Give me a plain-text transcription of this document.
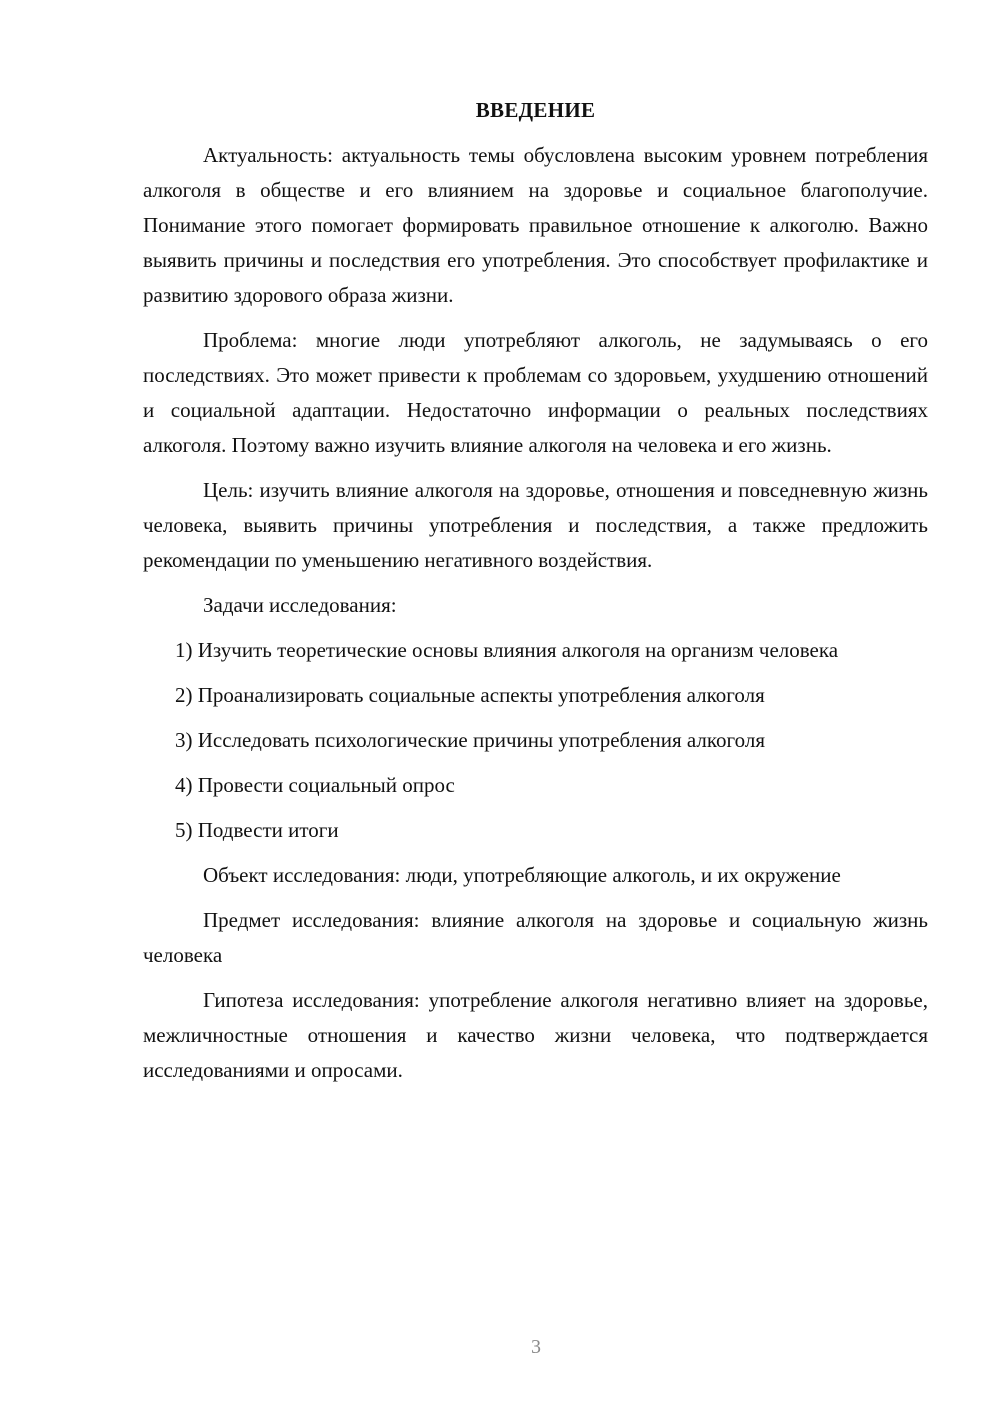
ВВЕДЕНИЕ

Актуальность: актуальность темы обусловлена высоким уровнем потребления алкоголя в обществе и его влиянием на здоровье и социальное благополучие. Понимание этого помогает формировать правильное отношение к алкоголю. Важно выявить причины и последствия его употребления. Это способствует профилактике и развитию здорового образа жизни.

Проблема: многие люди употребляют алкоголь, не задумываясь о его последствиях. Это может привести к проблемам со здоровьем, ухудшению отношений и социальной адаптации. Недостаточно информации о реальных последствиях алкоголя. Поэтому важно изучить влияние алкоголя на человека и его жизнь.

Цель: изучить влияние алкоголя на здоровье, отношения и повседневную жизнь человека, выявить причины употребления и последствия, а также предложить рекомендации по уменьшению негативного воздействия.

Задачи исследования:

1) Изучить теоретические основы влияния алкоголя на организм человека

2) Проанализировать социальные аспекты употребления алкоголя

3) Исследовать психологические причины употребления алкоголя

4) Провести социальный опрос

5) Подвести итоги

Объект исследования: люди, употребляющие алкоголь, и их окружение

Предмет исследования: влияние алкоголя на здоровье и социальную жизнь человека

Гипотеза исследования: употребление алкоголя негативно влияет на здоровье, межличностные отношения и качество жизни человека, что подтверждается исследованиями и опросами.

3
